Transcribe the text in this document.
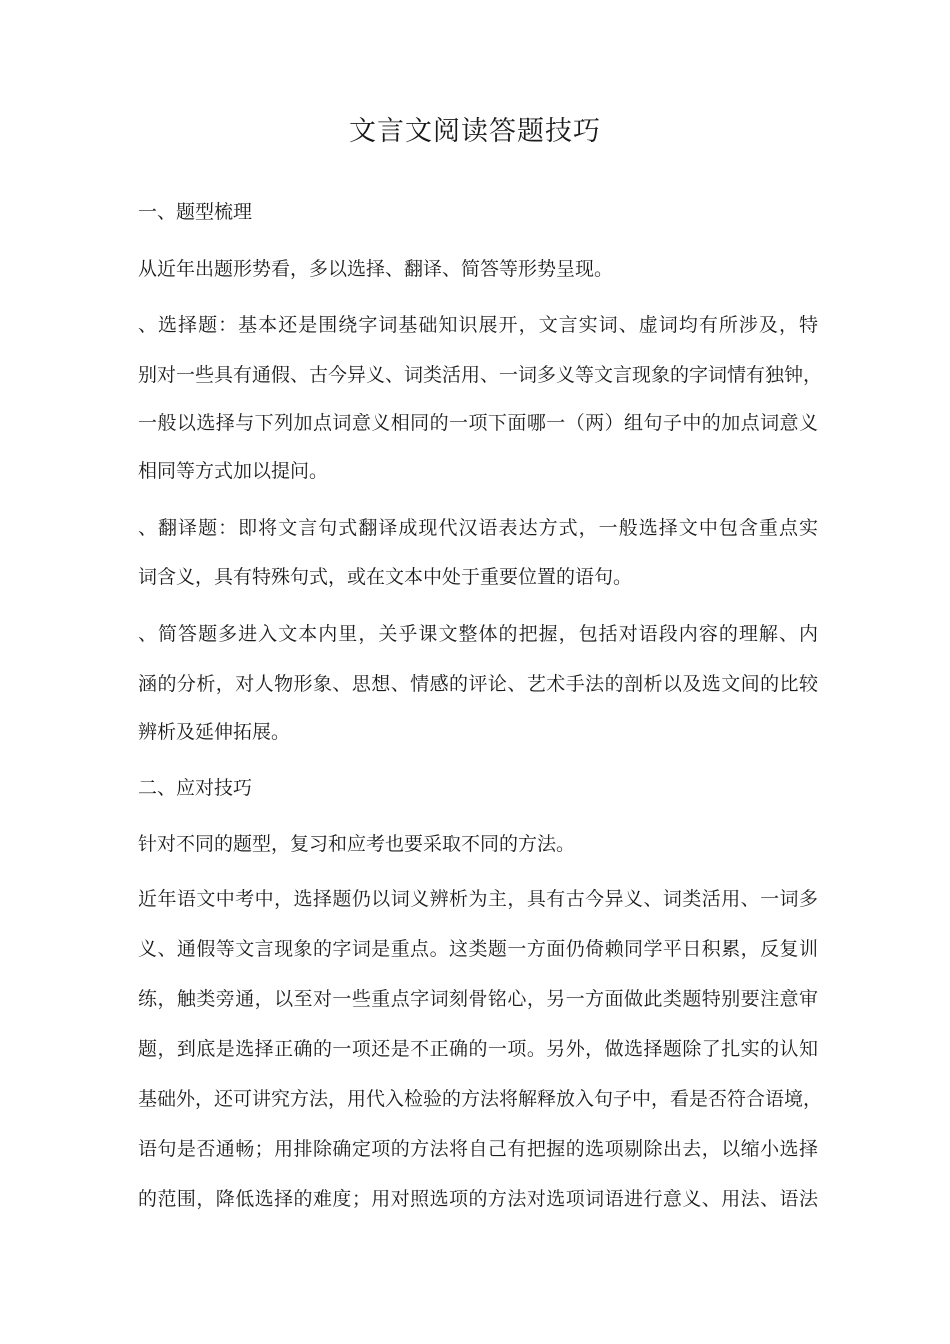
文言文阅读答题技巧
一、题型梳理
从近年出题形势看，多以选择、翻译、简答等形势呈现。
、选择题：基本还是围绕字词基础知识展开，文言实词、虚词均有所涉及，特
别对一些具有通假、古今异义、词类活用、一词多义等文言现象的字词情有独钟，
一般以选择与下列加点词意义相同的一项下面哪一（两）组句子中的加点词意义
相同等方式加以提问。
、翻译题：即将文言句式翻译成现代汉语表达方式，一般选择文中包含重点实
词含义，具有特殊句式，或在文本中处于重要位置的语句。
、简答题多进入文本内里，关乎课文整体的把握，包括对语段内容的理解、内
涵的分析，对人物形象、思想、情感的评论、艺术手法的剖析以及选文间的比较
辨析及延伸拓展。
二、应对技巧
针对不同的题型，复习和应考也要采取不同的方法。
近年语文中考中，选择题仍以词义辨析为主，具有古今异义、词类活用、一词多
义、通假等文言现象的字词是重点。这类题一方面仍倚赖同学平日积累，反复训
练，触类旁通，以至对一些重点字词刻骨铭心，另一方面做此类题特别要注意审
题，到底是选择正确的一项还是不正确的一项。另外，做选择题除了扎实的认知
基础外，还可讲究方法，用代入检验的方法将解释放入句子中，看是否符合语境，
语句是否通畅；用排除确定项的方法将自己有把握的选项剔除出去，以缩小选择
的范围，降低选择的难度；用对照选项的方法对选项词语进行意义、用法、语法
